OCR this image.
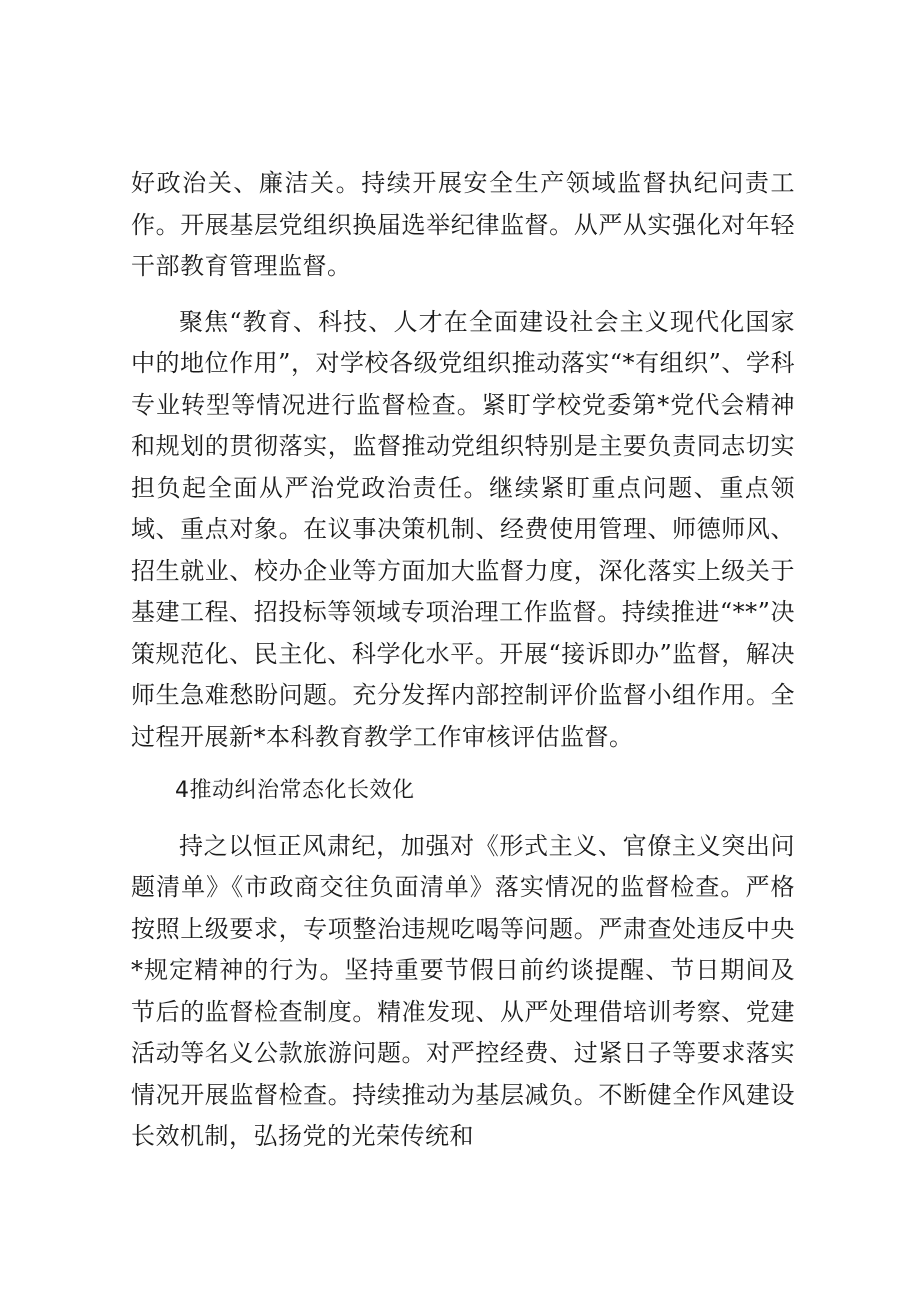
好政治关、廉洁关。持续开展安全生产领域监督执纪问责工作。开展基层党组织换届选举纪律监督。从严从实强化对年轻干部教育管理监督。

聚焦“教育、科技、人才在全面建设社会主义现代化国家中的地位作用”，对学校各级党组织推动落实“*有组织”、学科专业转型等情况进行监督检查。紧盯学校党委第*党代会精神和规划的贯彻落实，监督推动党组织特别是主要负责同志切实担负起全面从严治党政治责任。继续紧盯重点问题、重点领域、重点对象。在议事决策机制、经费使用管理、师德师风、招生就业、校办企业等方面加大监督力度，深化落实上级关于基建工程、招投标等领域专项治理工作监督。持续推进“**”决策规范化、民主化、科学化水平。开展“接诉即办”监督，解决师生急难愁盼问题。充分发挥内部控制评价监督小组作用。全过程开展新*本科教育教学工作审核评估监督。

4推动纠治常态化长效化

持之以恒正风肃纪，加强对《形式主义、官僚主义突出问题清单》《市政商交往负面清单》落实情况的监督检查。严格按照上级要求，专项整治违规吃喝等问题。严肃查处违反中央*规定精神的行为。坚持重要节假日前约谈提醒、节日期间及节后的监督检查制度。精准发现、从严处理借培训考察、党建活动等名义公款旅游问题。对严控经费、过紧日子等要求落实情况开展监督检查。持续推动为基层减负。不断健全作风建设长效机制，弘扬党的光荣传统和
